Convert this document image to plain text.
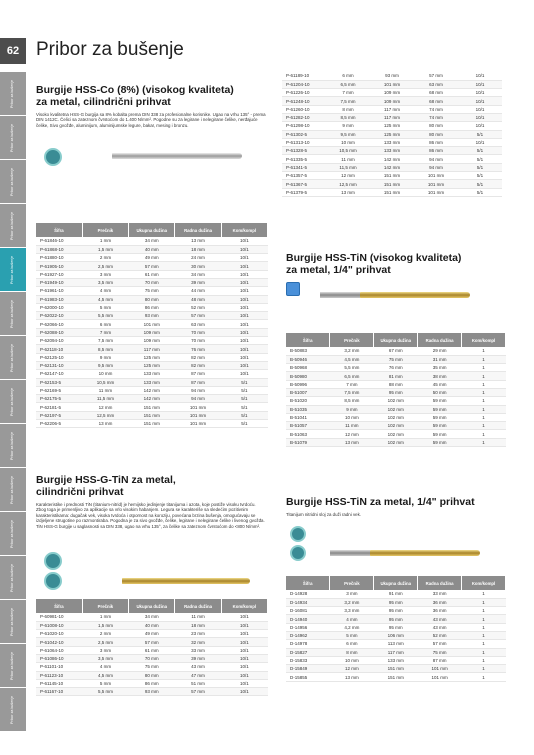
62 Pribor za bušenje
Pribor za bušenje
Pribor za bušenje
Pribor za bušenje
Pribor za bušenje
Pribor za bušenje
Pribor za bušenje
Pribor za bušenje
Pribor za bušenje
Pribor za bušenje
Pribor za bušenje
Pribor za bušenje
Pribor za bušenje
Pribor za bušenje
Pribor za bušenje
Pribor za bušenje
Burgije HSS-Co (8%) (visokog kvaliteta)
za metal, cilindrični prihvat
Visoko kvalitetna HSS-G burgija sa 8% kobalta prema DIN 338 za profesionalne korisnike. Ugao na vrhu 135° - prema DIN 1412C. Čelici sa zateznom čvrstoćom do 1.400 N/mm². Pogodne su za legirane i nelegirane čelike, nerđajuće čelike, Sivo gvožđe, aluminijum, aluminijumske legure, bakar, mesing i bronzu.
Šifra	Prečnik	Ukupna dužina	Radna dužina	Kom/kompl
P-61846-10	1 mm	34 mm	13 mm	10/1
P-61868-10	1,5 mm	40 mm	18 mm	10/1
P-61880-10	2 mm	49 mm	24 mm	10/1
P-61905-10	2,5 mm	57 mm	30 mm	10/1
P-61927-10	3 mm	61 mm	34 mm	10/1
P-61949-10	3,5 mm	70 mm	39 mm	10/1
P-61961-10	4 mm	75 mm	44 mm	10/1
P-61983-10	4,5 mm	80 mm	48 mm	10/1
P-62000-10	5 mm	86 mm	52 mm	10/1
P-62022-10	5,5 mm	93 mm	57 mm	10/1
P-62066-10	6 mm	101 mm	63 mm	10/1
P-62088-10	7 mm	109 mm	70 mm	10/1
P-62094-10	7,5 mm	109 mm	70 mm	10/1
P-62118-10	8,5 mm	117 mm	76 mm	10/1
P-62125-10	9 mm	125 mm	82 mm	10/1
P-62131-10	9,5 mm	125 mm	82 mm	10/1
P-62147-10	10 mm	133 mm	87 mm	10/1
P-62153-5	10,5 mm	133 mm	87 mm	5/1
P-62169-5	11 mm	142 mm	94 mm	5/1
P-62175-5	11,5 mm	142 mm	94 mm	5/1
P-62181-5	12 mm	151 mm	101 mm	5/1
P-62197-5	12,5 mm	151 mm	101 mm	5/1
P-62206-5	13 mm	151 mm	101 mm	5/1
Burgije HSS-G-TiN za metal,
cilindrični prihvat
Karakteristike i prednosti TiN (titanium-nitrid) je hemijsko jedinjenje titanijuma i azota, koje postiže visoku tvrdoću. Zbog toga je primenljivo za aplikacije sa vrlo visokim habanjem. Legura se karakteriše sa sledećim pozitivnim karakteristikama: dugačak vek, visoka tvrdoća i otpornost na koroziju, povećana brzina bušenja, omogućavaju se izdjeljene strugotine po razmontiraba. Pogodna je za sivo gvožđe, čelike, legirane i nelegirane čelike i livenog gvožđa. TiN HSS-G burgije u saglasnosti sa DIN 338, ugao na vrhu 135°, za čelike sa zateznom čvrstoćom do <800 N/mm².
Šifra	Prečnik	Ukupna dužina	Radna dužina	Kom/kompl
P-60981-10	1 mm	34 mm	11 mm	10/1
P-61008-10	1,5 mm	40 mm	18 mm	10/1
P-61020-10	2 mm	49 mm	23 mm	10/1
P-61042-10	2,5 mm	57 mm	32 mm	10/1
P-61064-10	3 mm	61 mm	33 mm	10/1
P-61086-10	3,5 mm	70 mm	39 mm	10/1
P-61101-10	4 mm	75 mm	43 mm	10/1
P-61123-10	4,5 mm	80 mm	47 mm	10/1
P-61145-10	5 mm	86 mm	51 mm	10/1
P-61167-10	5,5 mm	93 mm	57 mm	10/1
P-61189-10	6 mm	93 mm	57 mm	10/1
P-61204-10	6,5 mm	101 mm	63 mm	10/1
P-61226-10	7 mm	109 mm	68 mm	10/1
P-61248-10	7,5 mm	109 mm	68 mm	10/1
P-61260-10	8 mm	117 mm	74 mm	10/1
P-61282-10	8,5 mm	117 mm	74 mm	10/1
P-61298-10	9 mm	125 mm	80 mm	10/1
P-61302-5	9,5 mm	125 mm	80 mm	5/1
P-61313-10	10 mm	133 mm	86 mm	10/1
P-61328-5	10,5 mm	133 mm	86 mm	5/1
P-61335-5	11 mm	142 mm	94 mm	5/1
P-61341-5	11,5 mm	142 mm	94 mm	5/1
P-61357-5	12 mm	151 mm	101 mm	5/1
P-61367-5	12,5 mm	151 mm	101 mm	5/1
P-61379-5	13 mm	151 mm	101 mm	5/1
Burgije HSS-TiN (visokog kvaliteta)
za metal, 1/4" prihvat
Šifra	Prečnik	Ukupna dužina	Radna dužina	Kom/kompl
B-50883	3,2 mm	67 mm	29 mm	1
B-50946	4,5 mm	75 mm	31 mm	1
B-50968	5,5 mm	76 mm	35 mm	1
B-50980	6,5 mm	81 mm	38 mm	1
B-50996	7 mm	88 mm	45 mm	1
B-51007	7,5 mm	95 mm	50 mm	1
B-51020	8,5 mm	102 mm	59 mm	1
B-51035	9 mm	102 mm	59 mm	1
B-51041	10 mm	102 mm	59 mm	1
B-51057	11 mm	102 mm	59 mm	1
B-51063	12 mm	102 mm	59 mm	1
B-51079	13 mm	102 mm	59 mm	1
Burgije HSS-TiN za metal, 1/4" prihvat
Titanijum nitridni sloj za duži radni vek.
Šifra	Prečnik	Ukupna dužina	Radna dužina	Kom/kompl
D-14928	3 mm	91 mm	33 mm	1
D-14934	3,2 mm	95 mm	36 mm	1
D-16081	3,3 mm	95 mm	36 mm	1
D-14940	4 mm	95 mm	43 mm	1
D-14956	4,2 mm	95 mm	43 mm	1
D-14962	5 mm	106 mm	52 mm	1
D-14978	6 mm	113 mm	57 mm	1
D-15827	8 mm	117 mm	75 mm	1
D-15833	10 mm	133 mm	87 mm	1
D-15849	12 mm	151 mm	101 mm	1
D-15855	13 mm	151 mm	101 mm	1
